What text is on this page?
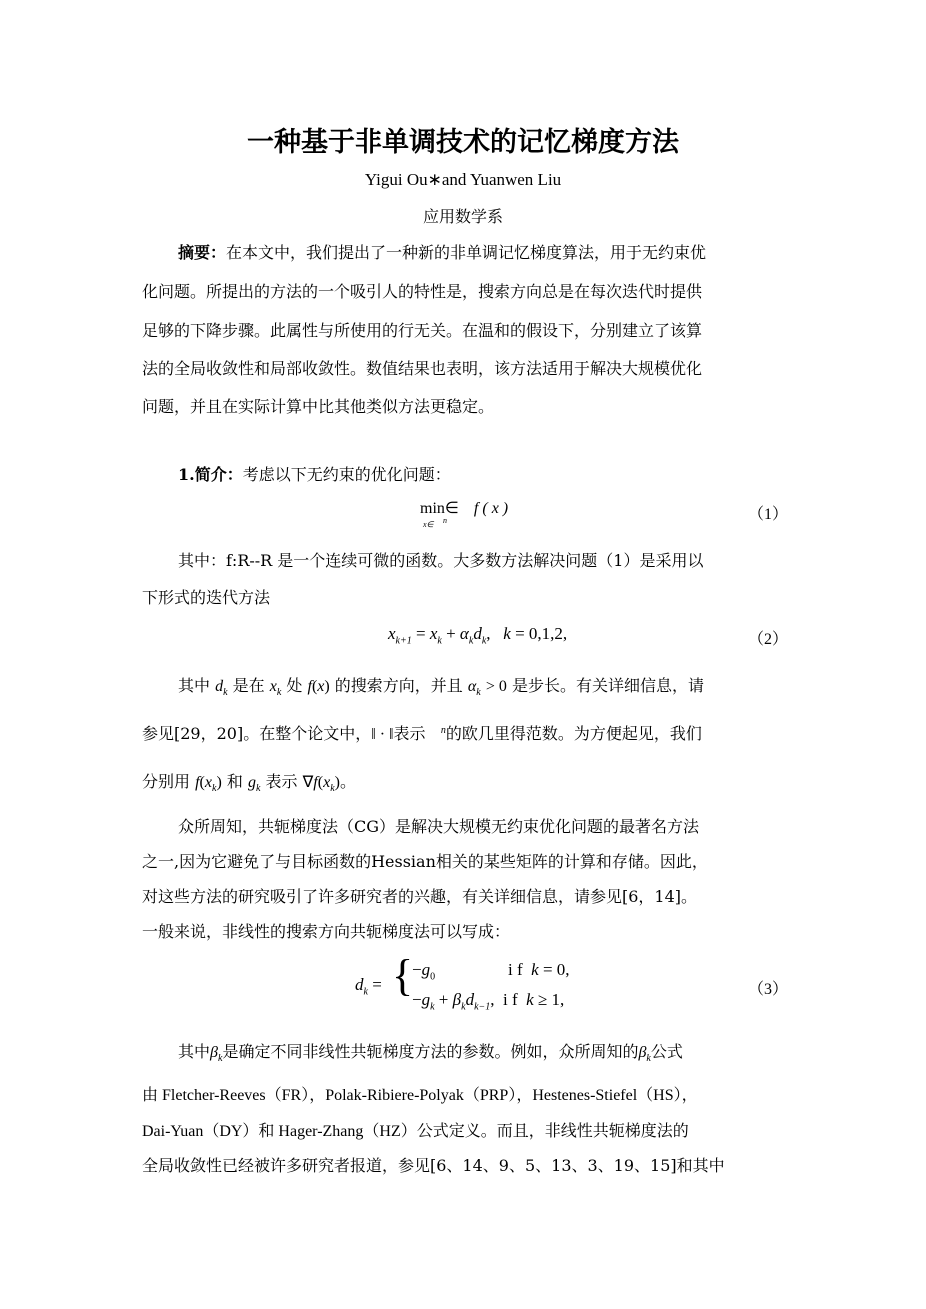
一种基于非单调技术的记忆梯度方法
Yigui Ou∗and Yuanwen Liu
应用数学系
摘要：在本文中，我们提出了一种新的非单调记忆梯度算法，用于无约束优
化问题。所提出的方法的一个吸引人的特性是，搜索方向总是在每次迭代时提供
足够的下降步骤。此属性与所使用的行无关。在温和的假设下，分别建立了该算
法的全局收敛性和局部收敛性。数值结果也表明，该方法适用于解决大规模优化
问题，并且在实际计算中比其他类似方法更稳定。
1.简介：考虑以下无约束的优化问题：
min∈ f ( x )
x∈ n	（1）
其中：f:R--R 是一个连续可微的函数。大多数方法解决问题（1）是采用以
下形式的迭代方法
$x_{k+1} = x_k + \alpha_kd_k$,   k = 0,1,2,	（2）
其中 $d_k$ 是在 $x_k$ 处 f(x) 的搜索方向，并且 $\alpha_k > 0$ 是步长。有关详细信息，请
参见[29，20]。在整个论文中，‖ · ‖表示 $^n$的欧几里得范数。为方便起见，我们
分别用 $f(x_k)$ 和 $g_k$ 表示 $\nabla f(x_k)$。
众所周知，共轭梯度法（CG）是解决大规模无约束优化问题的最著名方法
之一,因为它避免了与目标函数的Hessian相关的某些矩阵的计算和存储。因此，
对这些方法的研究吸引了许多研究者的兴趣，有关详细信息，请参见[6，14]。
一般来说，非线性的搜索方向共轭梯度法可以写成：
$d_k$ = {
$-g_0$	i f  k = 0,
$-g_k + \beta_kd_{k-1}$,  i f  k ≥ 1,
（3）
其中$\beta_k$是确定不同非线性共轭梯度方法的参数。例如，众所周知的$\beta_k$公式
由 Fletcher-Reeves（FR），Polak-Ribiere-Polyak（PRP），Hestenes-Stiefel（HS），
Dai-Yuan（DY）和 Hager-Zhang（HZ）公式定义。而且，非线性共轭梯度法的
全局收敛性已经被许多研究者报道，参见[6、14、9、5、13、3、19、15]和其中
